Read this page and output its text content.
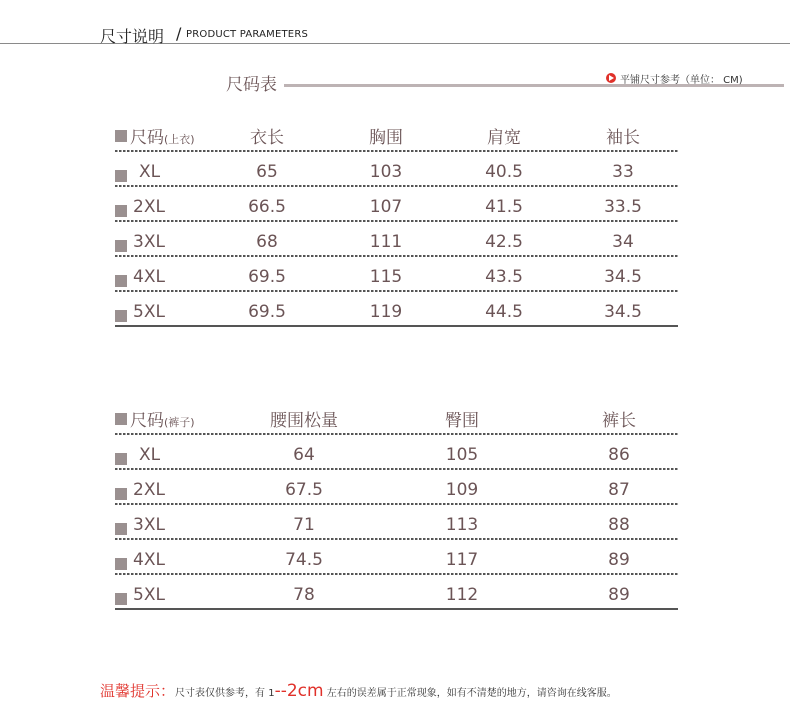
尺寸说明 / PRODUCT PARAMETERS
尺码表	平铺尺寸参考（单位： CM)
尺码(上衣)	衣长	胸围	肩宽	袖长
XL	65	103	40.5	33
2XL	66.5	107	41.5	33.5
3XL	68	111	42.5	34
4XL	69.5	115	43.5	34.5
5XL	69.5	119	44.5	34.5
尺码(裤子)	腰围松量	臀围	裤长
XL	64	105	86
2XL	67.5	109	87
3XL	71	113	88
4XL	74.5	117	89
5XL	78	112	89
温馨提示：尺寸表仅供参考，有 1--2cm 左右的误差属于正常现象，如有不清楚的地方，请咨询在线客服。
